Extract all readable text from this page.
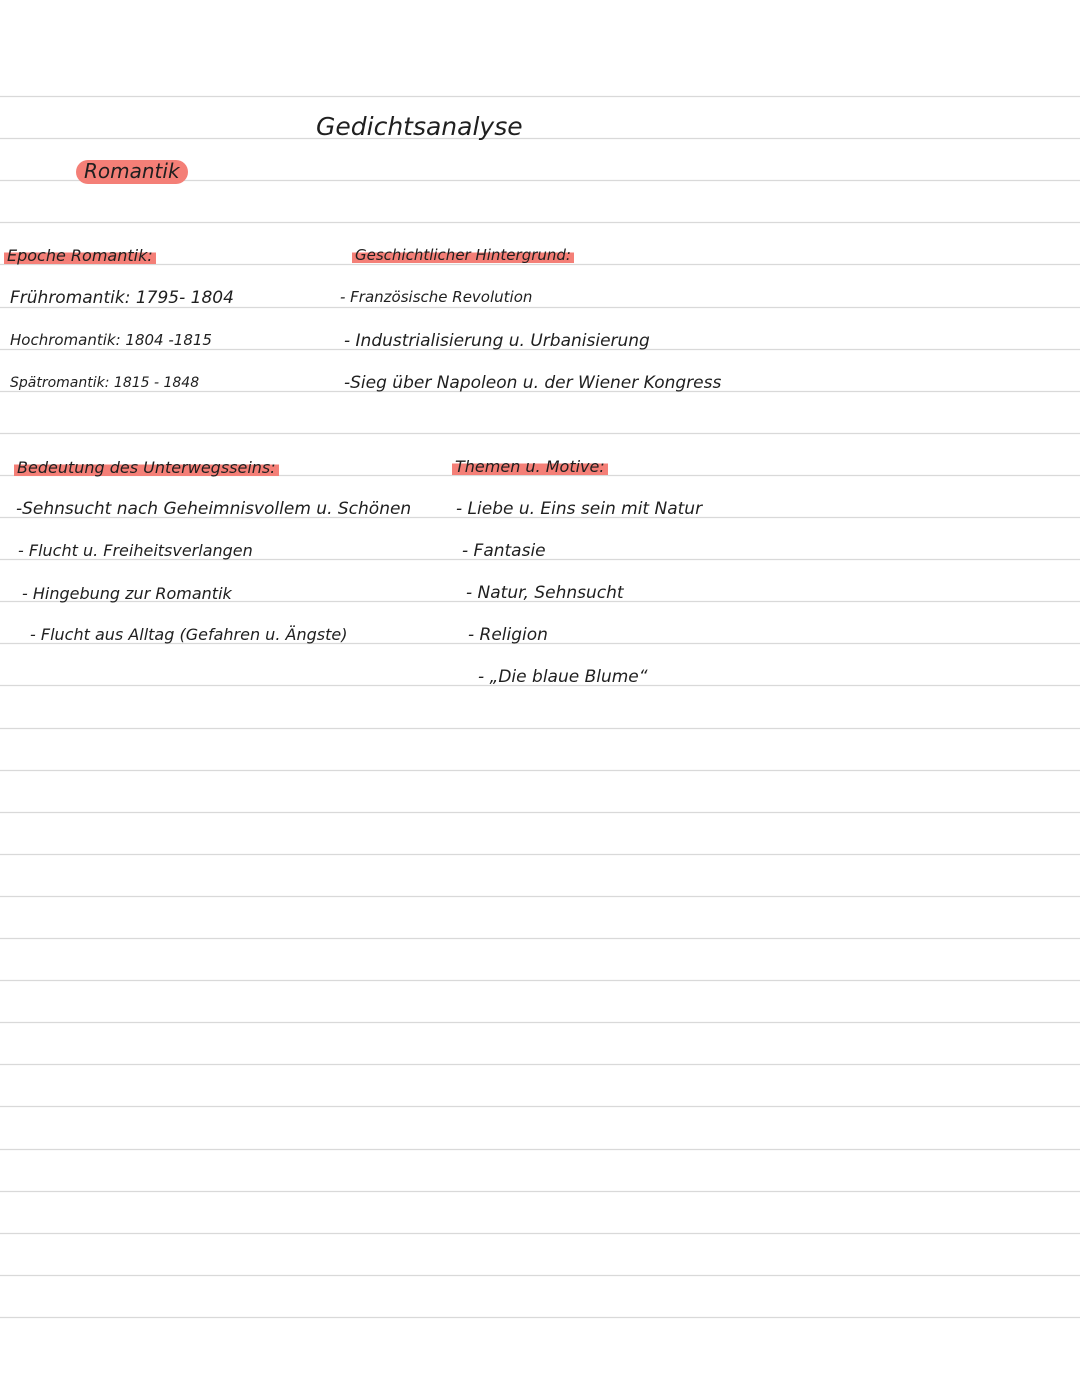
Gedichtsanalyse
Romantik
Epoche Romantik:
Frühromantik: 1795- 1804
Hochromantik: 1804 -1815
Spätromantik: 1815 - 1848
Geschichtlicher Hintergrund:
- Französische Revolution
- Industrialisierung u. Urbanisierung
-Sieg über Napoleon u. der Wiener Kongress
Bedeutung des Unterwegsseins:
-Sehnsucht nach Geheimnisvollem u. Schönen
- Flucht u. Freiheitsverlangen
- Hingebung zur Romantik
- Flucht aus Alltag (Gefahren u. Ängste)
Themen u. Motive:
- Liebe u. Eins sein mit Natur
- Fantasie
- Natur, Sehnsucht
- Religion
- „Die blaue Blume“
